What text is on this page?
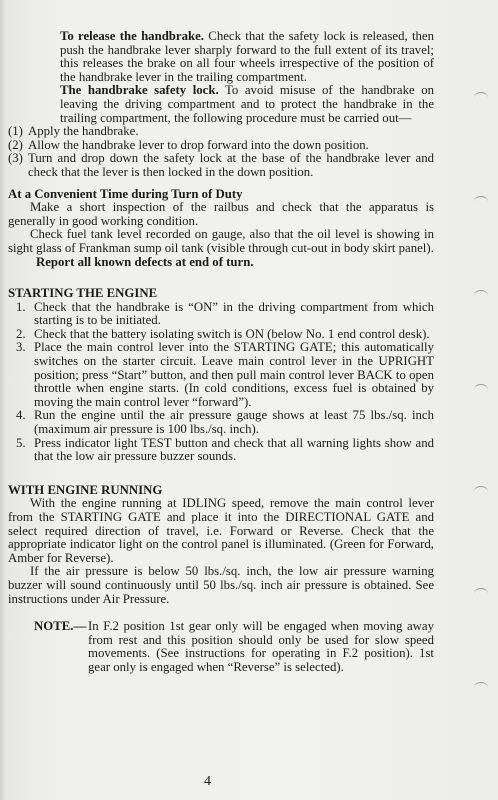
To release the handbrake. Check that the safety lock is released, then push the handbrake lever sharply forward to the full extent of its travel; this releases the brake on all four wheels irrespective of the position of the handbrake lever in the trailing compartment.

The handbrake safety lock. To avoid misuse of the handbrake on leaving the driving compartment and to protect the handbrake in the trailing compartment, the following procedure must be carried out—

(1) Apply the handbrake.
(2) Allow the handbrake lever to drop forward into the down position.
(3) Turn and drop down the safety lock at the base of the handbrake lever and check that the lever is then locked in the down position.

At a Convenient Time during Turn of Duty

Make a short inspection of the railbus and check that the apparatus is generally in good working condition.

Check fuel tank level recorded on gauge, also that the oil level is showing in sight glass of Frankman sump oil tank (visible through cut-out in body skirt panel).

Report all known defects at end of turn.

STARTING THE ENGINE

1. Check that the handbrake is “ON” in the driving compartment from which starting is to be initiated.
2. Check that the battery isolating switch is ON (below No. 1 end control desk).
3. Place the main control lever into the STARTING GATE; this automatically switches on the starter circuit. Leave main control lever in the UPRIGHT position; press “Start” button, and then pull main control lever BACK to open throttle when engine starts. (In cold conditions, excess fuel is obtained by moving the main control lever “forward”).
4. Run the engine until the air pressure gauge shows at least 75 lbs./sq. inch (maximum air pressure is 100 lbs./sq. inch).
5. Press indicator light TEST button and check that all warning lights show and that the low air pressure buzzer sounds.

WITH ENGINE RUNNING

With the engine running at IDLING speed, remove the main control lever from the STARTING GATE and place it into the DIRECTIONAL GATE and select required direction of travel, i.e. Forward or Reverse. Check that the appropriate indicator light on the control panel is illuminated. (Green for Forward, Amber for Reverse).

If the air pressure is below 50 lbs./sq. inch, the low air pressure warning buzzer will sound continuously until 50 lbs./sq. inch air pressure is obtained. See instructions under Air Pressure.

NOTE.— In F.2 position 1st gear only will be engaged when moving away from rest and this position should only be used for slow speed movements. (See instructions for operating in F.2 position). 1st gear only is engaged when “Reverse” is selected).

4
